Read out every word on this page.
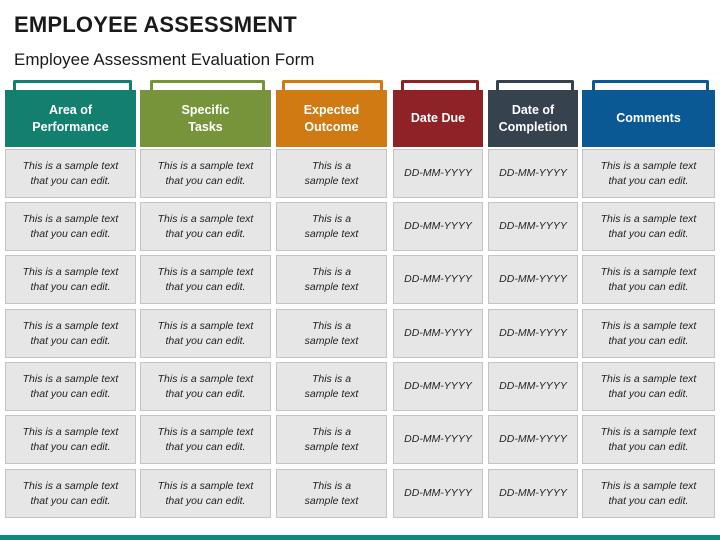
EMPLOYEE ASSESSMENT
Employee Assessment Evaluation Form
Area of
Performance
This is a sample text
that you can edit.
This is a sample text
that you can edit.
This is a sample text
that you can edit.
This is a sample text
that you can edit.
This is a sample text
that you can edit.
This is a sample text
that you can edit.
This is a sample text
that you can edit.
Specific
Tasks
This is a sample text
that you can edit.
This is a sample text
that you can edit.
This is a sample text
that you can edit.
This is a sample text
that you can edit.
This is a sample text
that you can edit.
This is a sample text
that you can edit.
This is a sample text
that you can edit.
Expected
Outcome
This is a
sample text
This is a
sample text
This is a
sample text
This is a
sample text
This is a
sample text
This is a
sample text
This is a
sample text
Date Due
DD-MM-YYYY
DD-MM-YYYY
DD-MM-YYYY
DD-MM-YYYY
DD-MM-YYYY
DD-MM-YYYY
DD-MM-YYYY
Date of
Completion
DD-MM-YYYY
DD-MM-YYYY
DD-MM-YYYY
DD-MM-YYYY
DD-MM-YYYY
DD-MM-YYYY
DD-MM-YYYY
Comments
This is a sample text
that you can edit.
This is a sample text
that you can edit.
This is a sample text
that you can edit.
This is a sample text
that you can edit.
This is a sample text
that you can edit.
This is a sample text
that you can edit.
This is a sample text
that you can edit.
